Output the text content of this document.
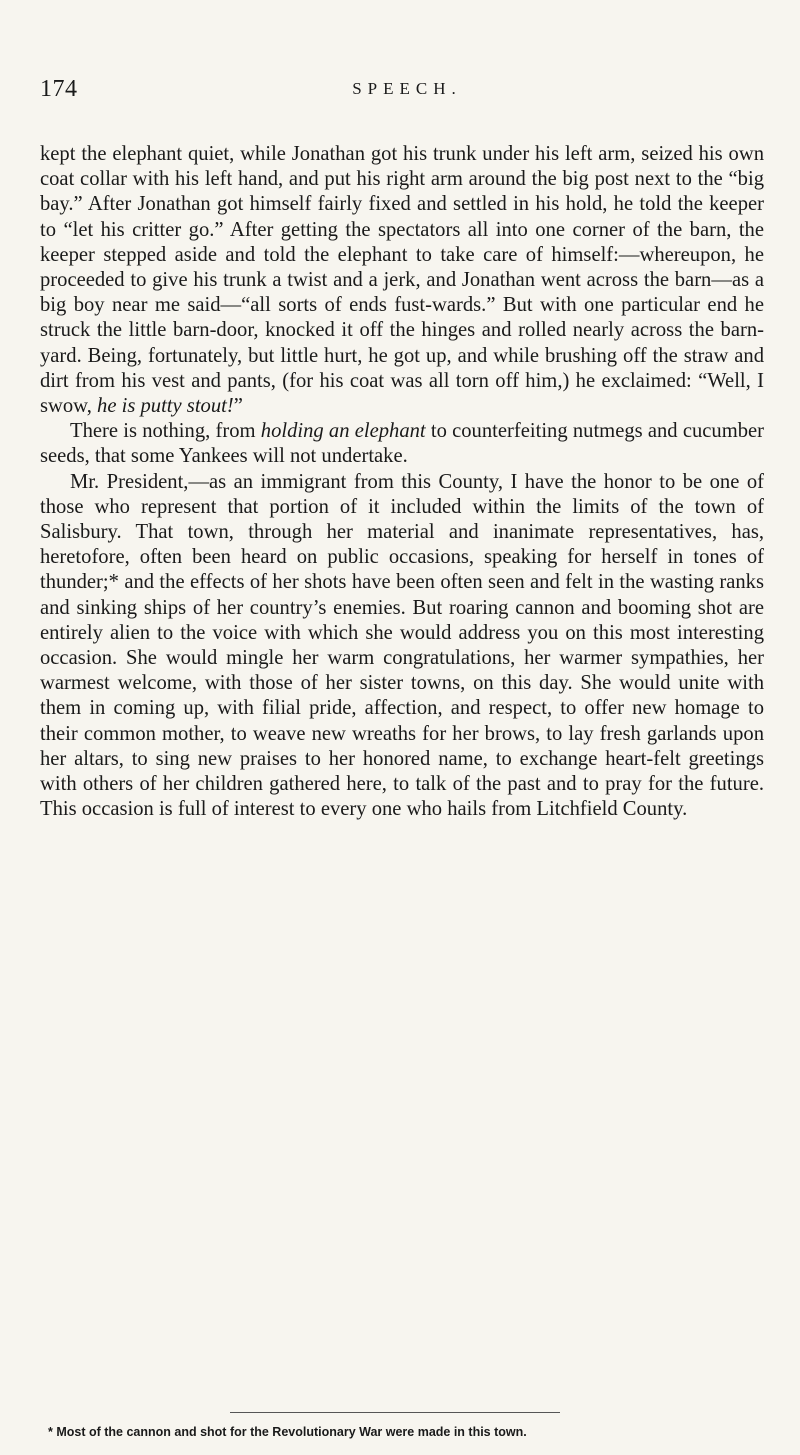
174	SPEECH.

kept the elephant quiet, while Jonathan got his trunk under his left arm, seized his own coat collar with his left hand, and put his right arm around the big post next to the “big bay.” After Jonathan got himself fairly fixed and settled in his hold, he told the keeper to “let his critter go.” After getting the spectators all into one corner of the barn, the keeper stepped aside and told the elephant to take care of himself:—whereupon, he proceeded to give his trunk a twist and a jerk, and Jonathan went across the barn—as a big boy near me said—“all sorts of ends fust-wards.” But with one particular end he struck the little barn-door, knocked it off the hinges and rolled nearly across the barn-yard. Being, fortunately, but little hurt, he got up, and while brushing off the straw and dirt from his vest and pants, (for his coat was all torn off him,) he exclaimed: “Well, I swow, he is putty stout!”

There is nothing, from holding an elephant to counterfeiting nutmegs and cucumber seeds, that some Yankees will not undertake.

Mr. President,—as an immigrant from this County, I have the honor to be one of those who represent that portion of it included within the limits of the town of Salisbury. That town, through her material and inanimate representatives, has, heretofore, often been heard on public occasions, speaking for herself in tones of thunder;* and the effects of her shots have been often seen and felt in the wasting ranks and sinking ships of her country’s enemies. But roaring cannon and booming shot are entirely alien to the voice with which she would address you on this most interesting occasion. She would mingle her warm congratulations, her warmer sympathies, her warmest welcome, with those of her sister towns, on this day. She would unite with them in coming up, with filial pride, affection, and respect, to offer new homage to their common mother, to weave new wreaths for her brows, to lay fresh garlands upon her altars, to sing new praises to her honored name, to exchange heart-felt greetings with others of her children gathered here, to talk of the past and to pray for the future. This occasion is full of interest to every one who hails from Litchfield County.

* Most of the cannon and shot for the Revolutionary War were made in this town.
